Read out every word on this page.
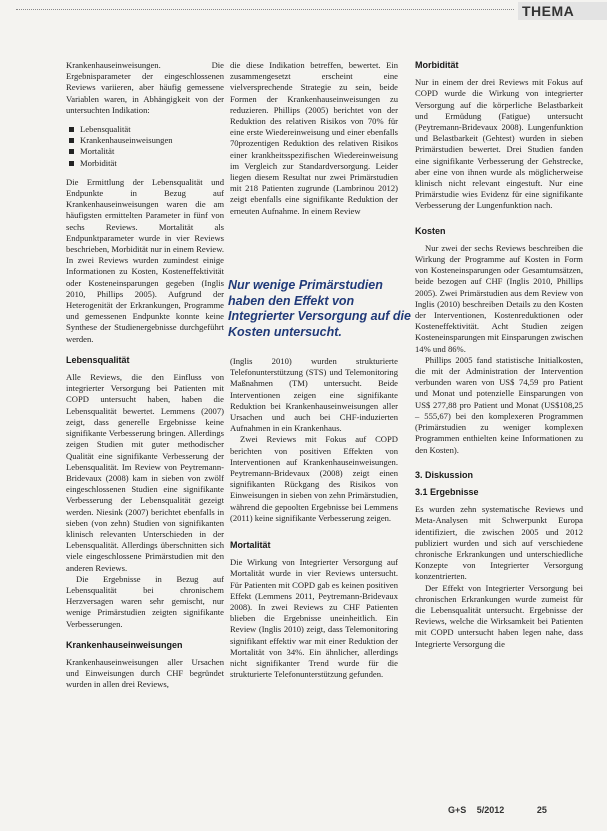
THEMA

Krankenhauseinweisungen. Die Ergebnisparameter der eingeschlossenen Reviews variieren, aber häufig gemessene Variablen waren, in Abhängigkeit von der untersuchten Indikation:

Lebensqualität
Krankenhauseinweisungen
Mortalität
Morbidität

Die Ermittlung der Lebensqualität und Endpunkte in Bezug auf Krankenhauseinweisungen waren die am häufigsten ermittelten Parameter in fünf von sechs Reviews. Mortalität als Endpunktparameter wurde in vier Reviews beschrieben, Morbidität nur in einem Review. In zwei Reviews wurden zumindest einige Informationen zu Kosten, Kosteneffektivität oder Kosteneinsparungen gegeben (Inglis 2010, Phillips 2005). Aufgrund der Heterogenität der Erkrankungen, Programme und gemessenen Endpunkte konnte keine Synthese der Studienergebnisse durchgeführt werden.

Lebensqualität

Alle Reviews, die den Einfluss von integrierter Versorgung bei Patienten mit COPD untersucht haben, haben die Lebensqualität bewertet. Lemmens (2007) zeigt, dass generelle Ergebnisse keine signifikante Verbesserung bringen. Allerdings zeigen Studien mit guter methodischer Qualität eine signifikante Verbesserung der Lebensqualität. Im Review von Peytremann-Bridevaux (2008) kam in sieben von zwölf eingeschlossenen Studien eine signifikante Verbesserung der Lebensqualität gezeigt werden. Niesink (2007) berichtet ebenfalls in sieben (von zehn) Studien von signifikanten klinisch relevanten Unterschieden in der Lebensqualität. Allerdings überschnitten sich viele eingeschlossene Primärstudien mit den anderen Reviews.

Die Ergebnisse in Bezug auf Lebensqualität bei chronischem Herzversagen waren sehr gemischt, nur wenige Primärstudien zeigten signifikante Verbesserungen.

Krankenhauseinweisungen

Krankenhauseinweisungen aller Ursachen und Einweisungen durch CHF begründet wurden in allen drei Reviews,

die diese Indikation betreffen, bewertet. Ein zusammengesetzt erscheint eine vielversprechende Strategie zu sein, beide Formen der Krankenhauseinweisungen zu reduzieren. Phillips (2005) berichtet von der Reduktion des relativen Risikos von 70% für eine erste Wiedereinweisung und einer ebenfalls 70prozentigen Reduktion des relativen Risikos einer krankheitsspezifischen Wiedereinweisung im Vergleich zur Standardversorgung. Leider liegen diesem Resultat nur zwei Primärstudien mit 218 Patienten zugrunde (Lambrinou 2012) zeigt ebenfalls eine signifikante Reduktion der erneuten Aufnahme. In einem Review

Nur wenige Primärstudien haben den Effekt von Integrierter Versorgung auf die Kosten untersucht.

(Inglis 2010) wurden strukturierte Telefonunterstützung (STS) und Telemonitoring Maßnahmen (TM) untersucht. Beide Interventionen zeigen eine signifikante Reduktion bei Krankenhauseinweisungen aller Ursachen und auch bei CHF-induzierten Aufnahmen in ein Krankenhaus.

Zwei Reviews mit Fokus auf COPD berichten von positiven Effekten von Interventionen auf Krankenhauseinweisungen. Peytremann-Bridevaux (2008) zeigt einen signifikanten Rückgang des Risikos von Einweisungen in sieben von zehn Primärstudien, während die gepoolten Ergebnisse bei Lemmens (2011) keine signifikante Verbesserung zeigen.

Mortalität

Die Wirkung von Integrierter Versorgung auf Mortalität wurde in vier Reviews untersucht. Für Patienten mit COPD gab es keinen positiven Effekt (Lemmens 2011, Peytremann-Bridevaux 2008). In zwei Reviews zu CHF Patienten blieben die Ergebnisse uneinheitlich. Ein Review (Inglis 2010) zeigt, dass Telemonitoring signifikant effektiv war mit einer Reduktion der Mortalität von 34%. Ein ähnlicher, allerdings nicht signifikanter Trend wurde für die strukturierte Telefonunterstützung gefunden.

Morbidität

Nur in einem der drei Reviews mit Fokus auf COPD wurde die Wirkung von integrierter Versorgung auf die körperliche Belastbarkeit und Ermüdung (Fatigue) untersucht (Peytremann-Bridevaux 2008). Lungenfunktion und Belastbarkeit (Gehtest) wurden in sieben Primärstudien bewertet. Drei Studien fanden eine signifikante Verbesserung der Gehstrecke, aber eine von ihnen wurde als möglicherweise klinisch nicht relevant eingestuft. Nur eine Primärstudie wies Evidenz für eine signifikante Verbesserung der Lungenfunktion nach.

Kosten

Nur zwei der sechs Reviews beschreiben die Wirkung der Programme auf Kosten in Form von Kosteneinsparungen oder Gesamtumsätzen, beide bezogen auf CHF (Inglis 2010, Phillips 2005). Zwei Primärstudien aus dem Review von Inglis (2010) beschreiben Details zu den Kosten der Interventionen, Kostenreduktionen oder Kosteneffektivität. Acht Studien zeigen Kosteneinsparungen mit Einsparungen zwischen 14% und 86%.

Phillips 2005 fand statistische Initialkosten, die mit der Administration der Intervention verbunden waren von US$ 74,59 pro Patient und Monat und potenzielle Einsparungen von US$ 277,88 pro Patient und Monat (US$108,25 – 555,67) bei den komplexeren Programmen (Primärstudien zu weniger komplexen Programmen enthielten keine Informationen zu den Kosten).

3. Diskussion
3.1 Ergebnisse

Es wurden zehn systematische Reviews und Meta-Analysen mit Schwerpunkt Europa identifiziert, die zwischen 2005 und 2012 publiziert wurden und sich auf verschiedene chronische Erkrankungen und unterschiedliche Konzepte von Integrierter Versorgung konzentrierten.

Der Effekt von Integrierter Versorgung bei chronischen Erkrankungen wurde zumeist für die Lebensqualität untersucht. Ergebnisse der Reviews, welche die Wirksamkeit bei Patienten mit COPD untersucht haben legen nahe, dass Integrierte Versorgung die

G+S 5/2012	25
